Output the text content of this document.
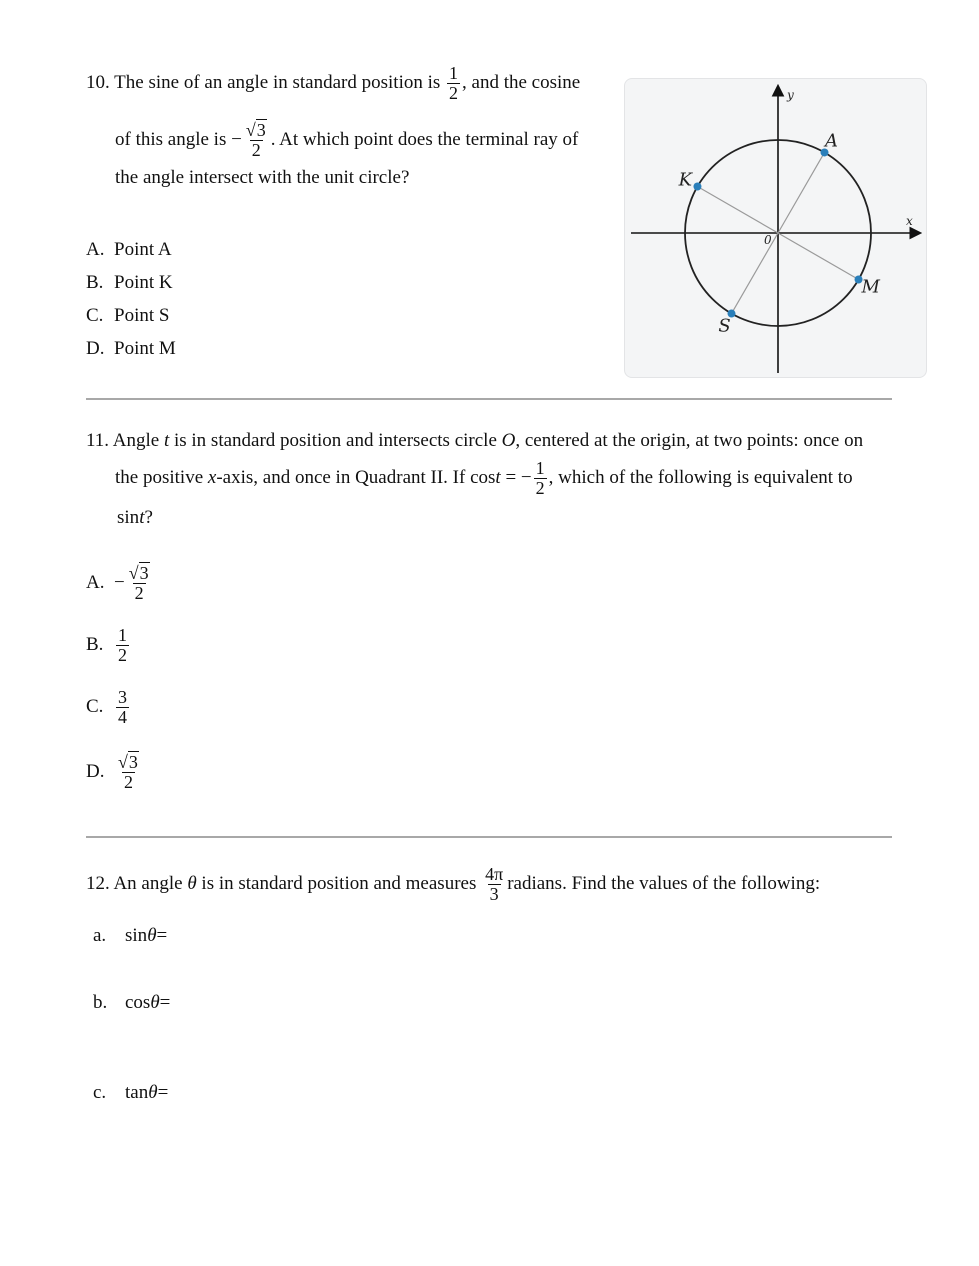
10. The sine of an angle in standard position is $\frac{1}{2}$ , and the cosine
of this angle is − $\frac{√3}{2}$ . At which point does the terminal ray of
the angle intersect with the unit circle?
A. Point A
B. Point K
C. Point S
D. Point M
A
K
S
M
x
y
0
11. Angle t is in standard position and intersects circle O, centered at the origin, at two points: once on
the positive x-axis, and once in Quadrant II. If cost = − $\frac{1}{2}$ , which of the following is equivalent to
sint?
A. − $\frac{√3}{2}$
B. $\frac{1}{2}$
C. $\frac{3}{4}$
D. $\frac{√3}{2}$
12. An angle θ is in standard position and measures $\frac{4\pi}{3}$ radians. Find the values of the following:
a. sinθ=
b. cosθ=
c. tanθ=
